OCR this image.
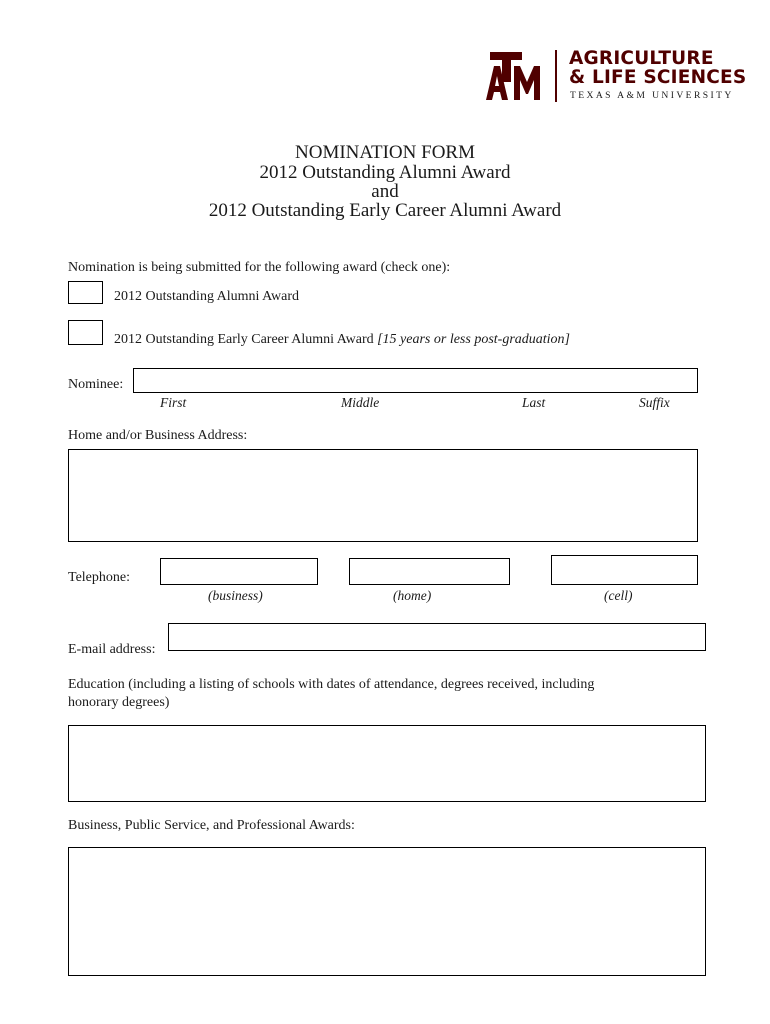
AGRICULTURE
& LIFE SCIENCES
TEXAS A&M UNIVERSITY
NOMINATION FORM
2012 Outstanding Alumni Award
and
2012 Outstanding Early Career Alumni Award
Nomination is being submitted for the following award (check one):
2012 Outstanding Alumni Award
2012 Outstanding Early Career Alumni Award [15 years or less post-graduation]
Nominee:
First	Middle	Last	Suffix
Home and/or Business Address:
Telephone:
(business)	(home)	(cell)
E-mail address:
Education (including a listing of schools with dates of attendance, degrees received, including
honorary degrees)
Business, Public Service, and Professional Awards:
